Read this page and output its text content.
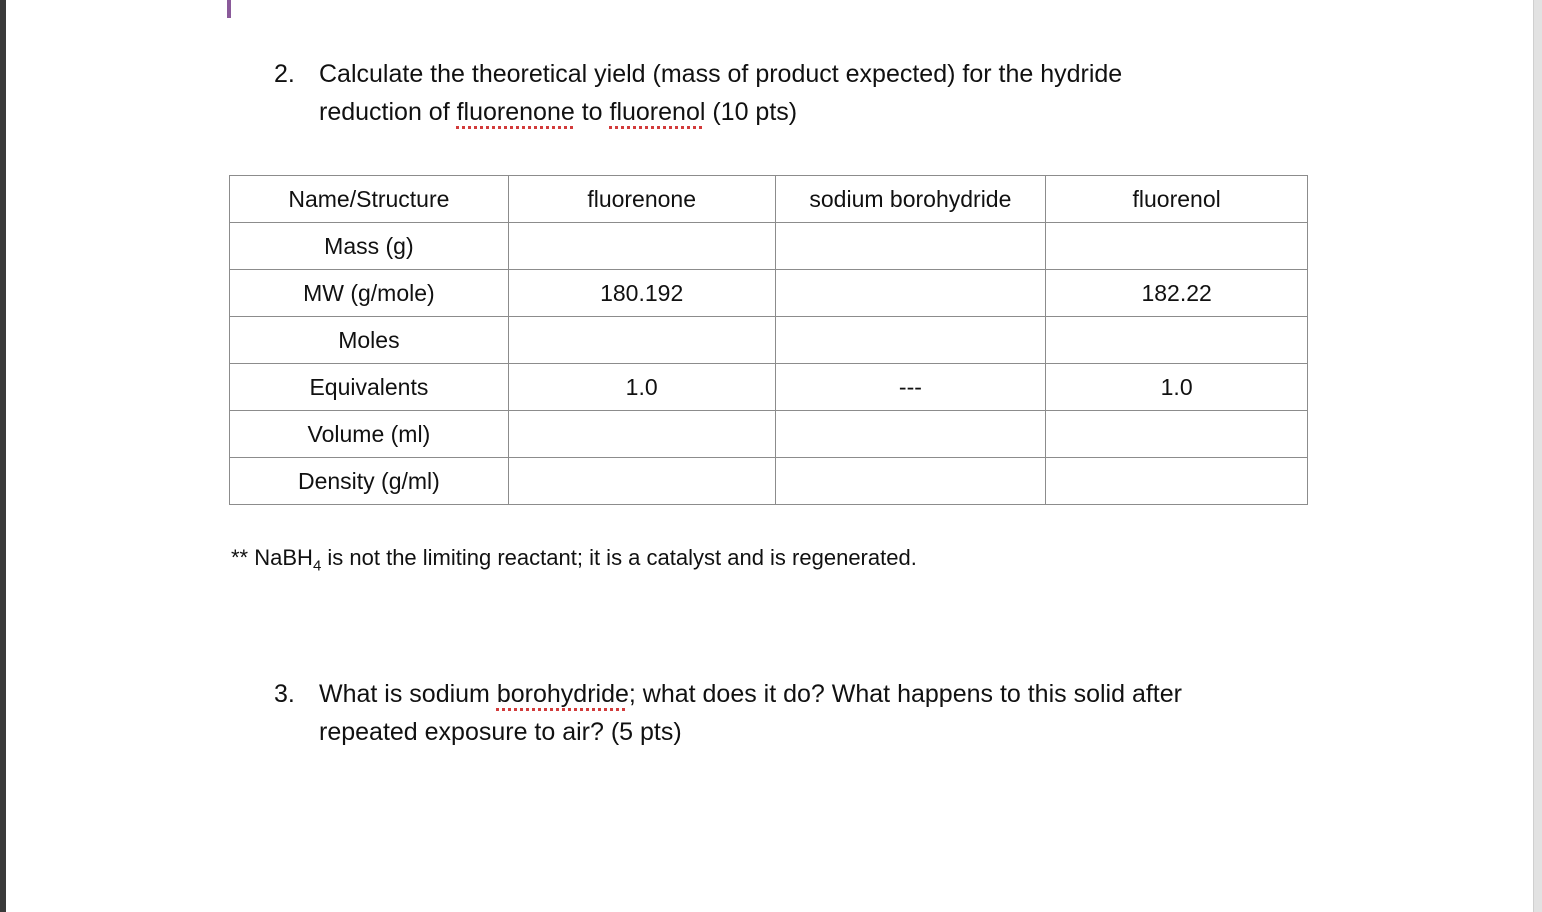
2. Calculate the theoretical yield (mass of product expected) for the hydride
reduction of fluorenone to fluorenol (10 pts)
Name/Structure	fluorenone	sodium borohydride	fluorenol
Mass (g)			
MW (g/mole)	180.192		182.22
Moles			
Equivalents	1.0	---	1.0
Volume (ml)			
Density (g/ml)			
** NaBH$_4$ is not the limiting reactant; it is a catalyst and is regenerated.
3. What is sodium borohydride; what does it do? What happens to this solid after
repeated exposure to air? (5 pts)
